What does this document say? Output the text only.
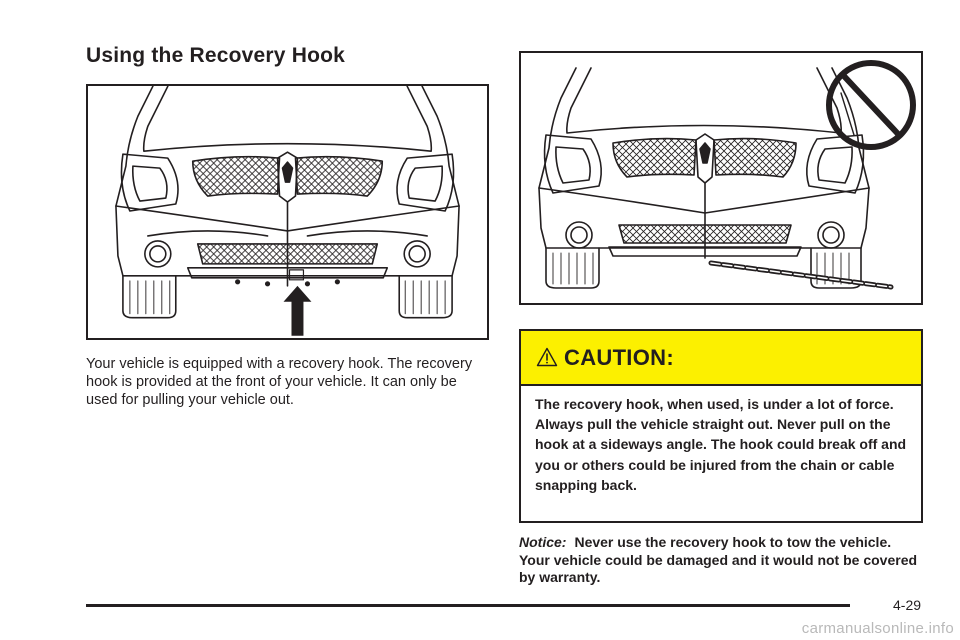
Using the Recovery Hook

Your vehicle is equipped with a recovery hook. The recovery hook is provided at the front of your vehicle. It can only be used for pulling your vehicle out.

CAUTION:

The recovery hook, when used, is under a lot of force. Always pull the vehicle straight out. Never pull on the hook at a sideways angle. The hook could break off and you or others could be injured from the chain or cable snapping back.

Notice: Never use the recovery hook to tow the vehicle. Your vehicle could be damaged and it would not be covered by warranty.

4-29
carmanualsonline.info
